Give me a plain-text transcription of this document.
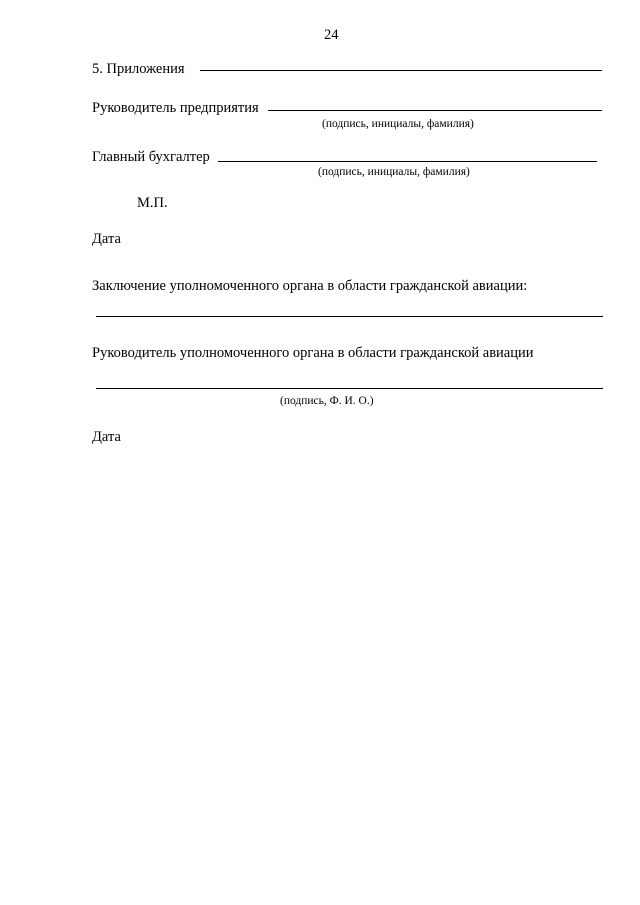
24
5. Приложения
Руководитель предприятия
(подпись, инициалы, фамилия)
Главный бухгалтер
(подпись, инициалы, фамилия)
М.П.
Дата
Заключение уполномоченного органа в области гражданской авиации:
Руководитель уполномоченного органа в области гражданской авиации
(подпись, Ф. И. О.)
Дата
